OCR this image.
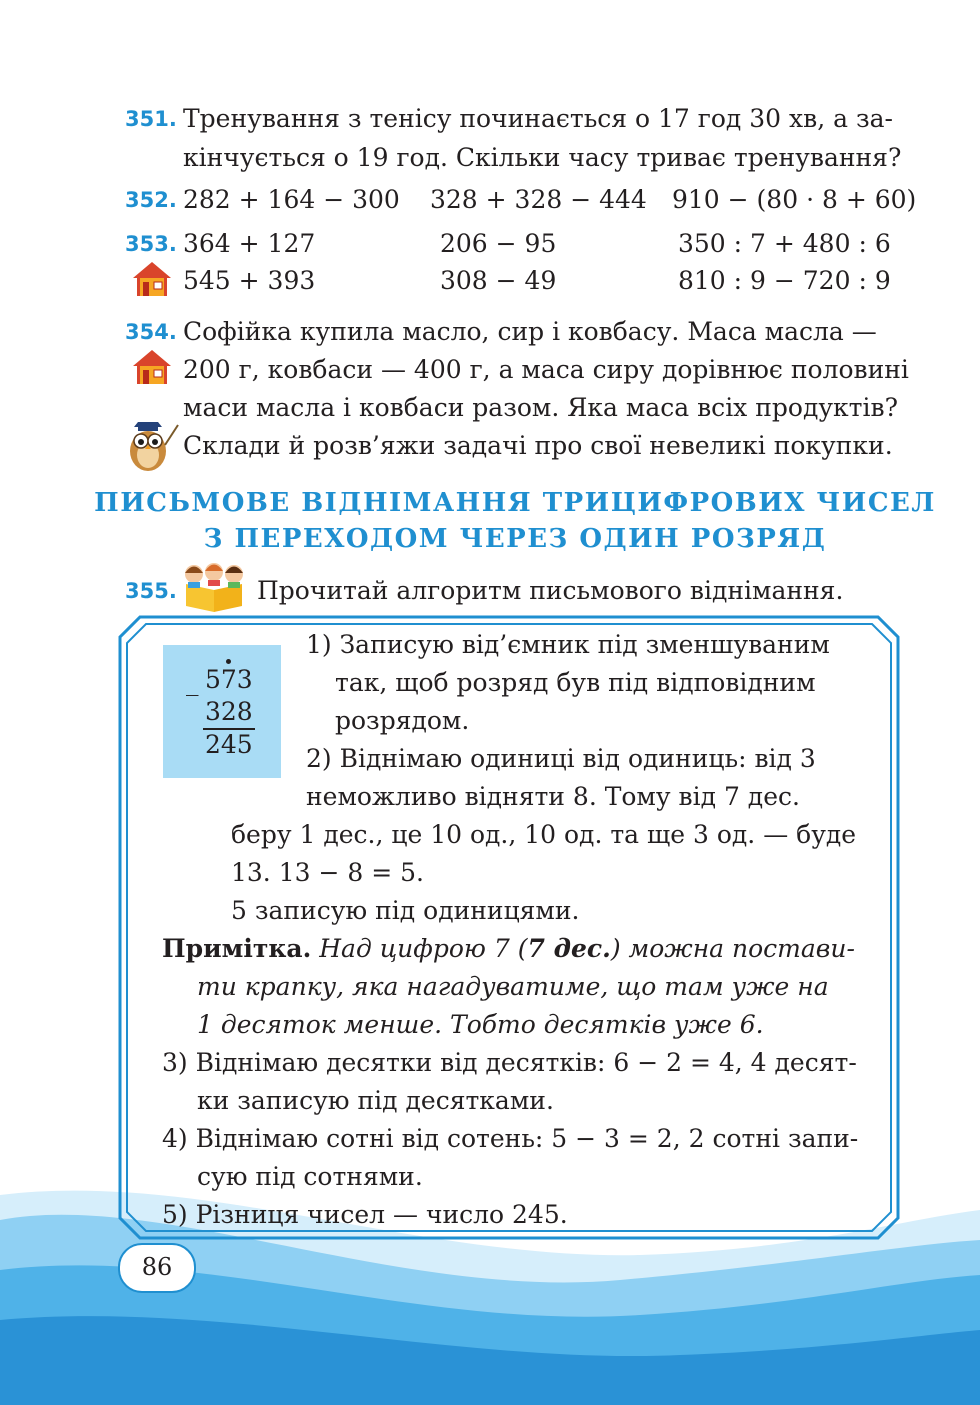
351. Тренування з тенісу починається о 17 год 30 хв, а за-
кінчується о 19 год. Скільки часу триває тренування?
352. 282 + 164 − 300 328 + 328 − 444 910 − (80 · 8 + 60)
353. 364 + 127	206 − 95	350 : 7 + 480 : 6
545 + 393	308 − 49	810 : 9 − 720 : 9
354. Софійка купила масло, сир і ковбасу. Маса масла —
200 г, ковбаси — 400 г, а маса сиру дорівнює половині
маси масла і ковбаси разом. Яка маса всіх продуктів?
Склади й розв’яжи задачі про свої невеликі покупки.
ПИСЬМОВЕ ВІДНІМАННЯ ТРИЦИФРОВИХ ЧИСЕЛ
З ПЕРЕХОДОМ ЧЕРЕЗ ОДИН РОЗРЯД
355.	Прочитай алгоритм письмового віднімання.
_ 573
328
245
1) Записую від’ємник під зменшуваним
так, щоб розряд був під відповідним
розрядом.
2) Віднімаю одиниці від одиниць: від 3
неможливо відняти 8. Тому від 7 дес.
беру 1 дес., це 10 од., 10 од. та ще 3 од. — буде
13. 13 − 8 = 5.
5 записую під одиницями.
Примітка. Над цифрою 7 (7 дес.) можна постави-
ти крапку, яка нагадуватиме, що там уже на
1 десяток менше. Тобто десятків уже 6.
3) Віднімаю десятки від десятків: 6 − 2 = 4, 4 десят-
ки записую під десятками.
4) Віднімаю сотні від сотень: 5 − 3 = 2, 2 сотні запи-
сую під сотнями.
5) Різниця чисел — число 245.
86
